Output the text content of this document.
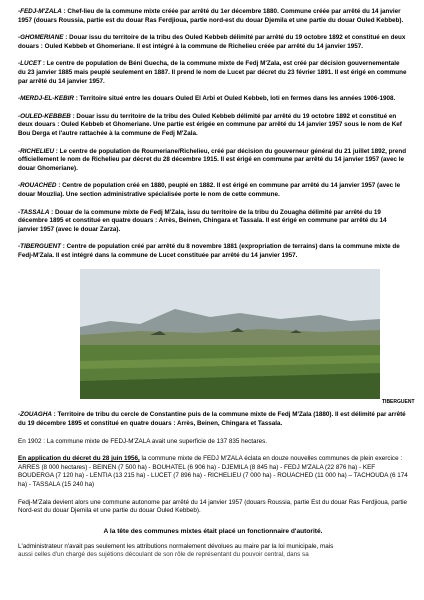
-FEDJ-M'ZALA : Chef-lieu de la commune mixte créée par arrêté du 1er décembre 1880. Commune créée par arrêté du 14 janvier 1957 (douars Roussia, partie est du douar Ras Ferdjioua, partie nord-est du douar Djemila et une partie du douar Ouled Kebbeb).

-GHOMERIANE : Douar issu du territoire de la tribu des Ouled Kebbeb délimité par arrêté du 19 octobre 1892 et constitué en deux douars : Ouled Kebbeb et Ghomeriane. Il est intégré à la commune de Richelieu créée par arrêté du 14 janvier 1957.

-LUCET : Le centre de population de Béni Guecha, de la commune mixte de Fedj M'Zala, est créé par décision gouvernementale du 23 janvier 1885 mais peuplé seulement en 1887. Il prend le nom de Lucet par décret du 23 février 1891. Il est érigé en commune par arrêté du 14 janvier 1957.

-MERDJ-EL-KEBIR : Territoire situé entre les douars Ouled El Arbi et Ouled Kebbeb, loti en fermes dans les années 1906-1908.

-OULED-KEBBEB : Douar issu du territoire de la tribu des Ouled Kebbeb délimité par arrêté du 19 octobre 1892 et constitué en deux douars : Ouled Kebbeb et Ghomeriane. Une partie est érigée en commune par arrêté du 14 janvier 1957 sous le nom de Kef Bou Derga et l'autre rattachée à la commune de Fedj M'Zala.

-RICHELIEU : Le centre de population de Roumeriane/Richelieu, créé par décision du gouverneur général du 21 juillet 1892, prend officiellement le nom de Richelieu par décret du 28 décembre 1915. Il est érigé en commune par arrêté du 14 janvier 1957 (avec le douar Ghomeriane).

-ROUACHED : Centre de population créé en 1880, peuplé en 1882. Il est érigé en commune par arrêté du 14 janvier 1957 (avec le douar Mouzlia). Une section administrative spécialisée porte le nom de cette commune.

-TASSALA : Douar de la commune mixte de Fedj M'Zala, issu du territoire de la tribu du Zouagha délimité par arrêté du 19 décembre 1895 et constitué en quatre douars : Arrès, Beinen, Chingara et Tassala. Il est érigé en commune par arrêté du 14 janvier 1957 (avec le douar Zarza).

-TIBERGUENT : Centre de population créé par arrêté du 8 novembre 1881 (expropriation de terrains) dans la commune mixte de Fedj-M'Zala. Il est intégré dans la commune de Lucet constituée par arrêté du 14 janvier 1957.

TIBERGUENT

-ZOUAGHA : Territoire de tribu du cercle de Constantine puis de la commune mixte de Fedj M'Zala (1880). Il est délimité par arrêté du 19 décembre 1895 et constitué en quatre douars : Arrès, Beinen, Chingara et Tassala.

En 1902 : La commune mixte de FEDJ-M'ZALA avait une superficie de 137 835 hectares.

En application du décret du 28 juin 1956, la commune mixte de FEDJ M'ZALA éclata en douze nouvelles communes de plein exercice : ARRES (8 000 hectares) - BEINEN (7 500 ha) - BOUHATEL (6 906 ha) - DJEMILA (8 845 ha) - FEDJ M'ZALA (22 876 ha) - KEF BOUDERGA (7 120 ha) - LENTIA (13 215 ha) - LUCET (7 896 ha) - RICHELIEU (7 000 ha) - ROUACHED (11 000 ha) – TACHOUDA (6 174 ha) - TASSALA (15 240 ha)

Fedj-M'Zala devient alors une commune autonome par arrêté du 14 janvier 1957 (douars Roussia, partie Est du douar Ras Ferdjioua, partie Nord-est du douar Djemila et une partie du douar Ouled Kebbeb).

A la tête des communes mixtes était placé un fonctionnaire d'autorité.

L'administrateur n'avait pas seulement les attributions normalement dévolues au maire par la loi municipale, mais
aussi celles d'un chargé des sujétions découlant de son rôle de représentant du pouvoir central, dans sa
